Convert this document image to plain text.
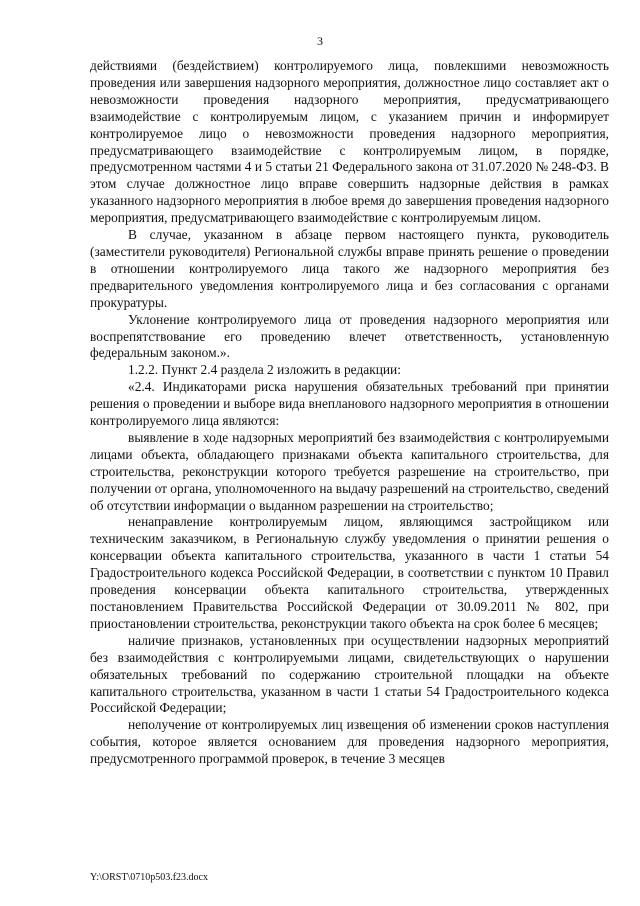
3

действиями (бездействием) контролируемого лица, повлекшими невозможность проведения или завершения надзорного мероприятия, должностное лицо составляет акт о невозможности проведения надзорного мероприятия, предусматривающего взаимодействие с контролируемым лицом, с указанием причин и информирует контролируемое лицо о невозможности проведения надзорного мероприятия, предусматривающего взаимодействие с контролируемым лицом, в порядке, предусмотренном частями 4 и 5 статьи 21 Федерального закона от 31.07.2020 № 248-ФЗ. В этом случае должностное лицо вправе совершить надзорные действия в рамках указанного надзорного мероприятия в любое время до завершения проведения надзорного мероприятия, предусматривающего взаимодействие с контролируемым лицом.

В случае, указанном в абзаце первом настоящего пункта, руководитель (заместители руководителя) Региональной службы вправе принять решение о проведении в отношении контролируемого лица такого же надзорного мероприятия без предварительного уведомления контролируемого лица и без согласования с органами прокуратуры.

Уклонение контролируемого лица от проведения надзорного мероприятия или воспрепятствование его проведению влечет ответственность, установленную федеральным законом.».

1.2.2. Пункт 2.4 раздела 2 изложить в редакции:

«2.4. Индикаторами риска нарушения обязательных требований при принятии решения о проведении и выборе вида внепланового надзорного мероприятия в отношении контролируемого лица являются:

выявление в ходе надзорных мероприятий без взаимодействия с контролируемыми лицами объекта, обладающего признаками объекта капитального строительства, для строительства, реконструкции которого требуется разрешение на строительство, при получении от органа, уполномоченного на выдачу разрешений на строительство, сведений об отсутствии информации о выданном разрешении на строительство;

ненаправление контролируемым лицом, являющимся застройщиком или техническим заказчиком, в Региональную службу уведомления о принятии решения о консервации объекта капитального строительства, указанного в части 1 статьи 54 Градостроительного кодекса Российской Федерации, в соответствии с пунктом 10 Правил проведения консервации объекта капитального строительства, утвержденных постановлением Правительства Российской Федерации от 30.09.2011 № 802, при приостановлении строительства, реконструкции такого объекта на срок более 6 месяцев;

наличие признаков, установленных при осуществлении надзорных мероприятий без взаимодействия с контролируемыми лицами, свидетельствующих о нарушении обязательных требований по содержанию строительной площадки на объекте капитального строительства, указанном в части 1 статьи 54 Градостроительного кодекса Российской Федерации;

неполучение от контролируемых лиц извещения об изменении сроков наступления события, которое является основанием для проведения надзорного мероприятия, предусмотренного программой проверок, в течение 3 месяцев

Y:\ORST\0710p503.f23.docx
